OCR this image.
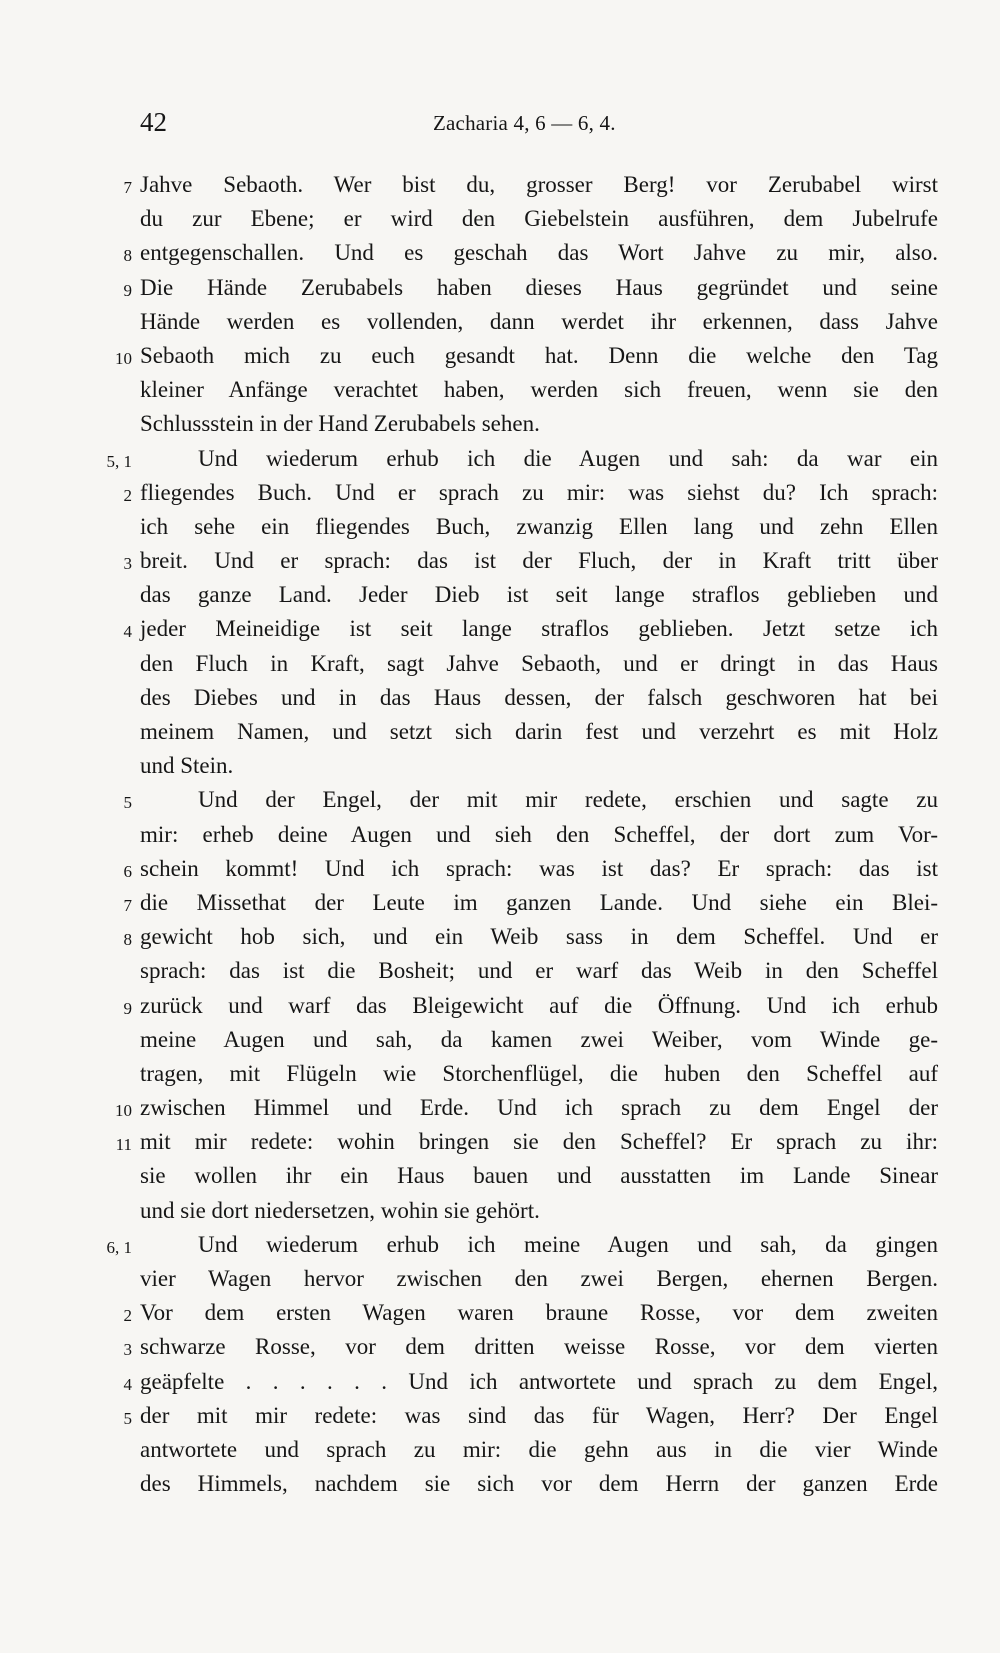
42	Zacharia 4, 6 — 6, 4.
7 Jahve Sebaoth. Wer bist du, grosser Berg! vor Zerubabel wirst
du zur Ebene; er wird den Giebelstein ausführen, dem Jubelrufe
8 entgegenschallen. Und es geschah das Wort Jahve zu mir, also.
9 Die Hände Zerubabels haben dieses Haus gegründet und seine
Hände werden es vollenden, dann werdet ihr erkennen, dass Jahve
10 Sebaoth mich zu euch gesandt hat. Denn die welche den Tag
kleiner Anfänge verachtet haben, werden sich freuen, wenn sie den
Schlussstein in der Hand Zerubabels sehen.
5, 1	Und wiederum erhub ich die Augen und sah: da war ein
2 fliegendes Buch. Und er sprach zu mir: was siehst du? Ich sprach:
ich sehe ein fliegendes Buch, zwanzig Ellen lang und zehn Ellen
3 breit. Und er sprach: das ist der Fluch, der in Kraft tritt über
das ganze Land. Jeder Dieb ist seit lange straflos geblieben und
4 jeder Meineidige ist seit lange straflos geblieben. Jetzt setze ich
den Fluch in Kraft, sagt Jahve Sebaoth, und er dringt in das Haus
des Diebes und in das Haus dessen, der falsch geschworen hat bei
meinem Namen, und setzt sich darin fest und verzehrt es mit Holz
und Stein.
5	Und der Engel, der mit mir redete, erschien und sagte zu
mir: erheb deine Augen und sieh den Scheffel, der dort zum Vor-
6 schein kommt! Und ich sprach: was ist das? Er sprach: das ist
7 die Missethat der Leute im ganzen Lande. Und siehe ein Blei-
8 gewicht hob sich, und ein Weib sass in dem Scheffel. Und er
sprach: das ist die Bosheit; und er warf das Weib in den Scheffel
9 zurück und warf das Bleigewicht auf die Öffnung. Und ich erhub
meine Augen und sah, da kamen zwei Weiber, vom Winde ge-
tragen, mit Flügeln wie Storchenflügel, die huben den Scheffel auf
10 zwischen Himmel und Erde. Und ich sprach zu dem Engel der
11 mit mir redete: wohin bringen sie den Scheffel? Er sprach zu ihr:
sie wollen ihr ein Haus bauen und ausstatten im Lande Sinear
und sie dort niedersetzen, wohin sie gehört.
6, 1	Und wiederum erhub ich meine Augen und sah, da gingen
vier Wagen hervor zwischen den zwei Bergen, ehernen Bergen.
2 Vor dem ersten Wagen waren braune Rosse, vor dem zweiten
3 schwarze Rosse, vor dem dritten weisse Rosse, vor dem vierten
4 geäpfelte . . . . . . Und ich antwortete und sprach zu dem Engel,
5 der mit mir redete: was sind das für Wagen, Herr? Der Engel
antwortete und sprach zu mir: die gehn aus in die vier Winde
des Himmels, nachdem sie sich vor dem Herrn der ganzen Erde
